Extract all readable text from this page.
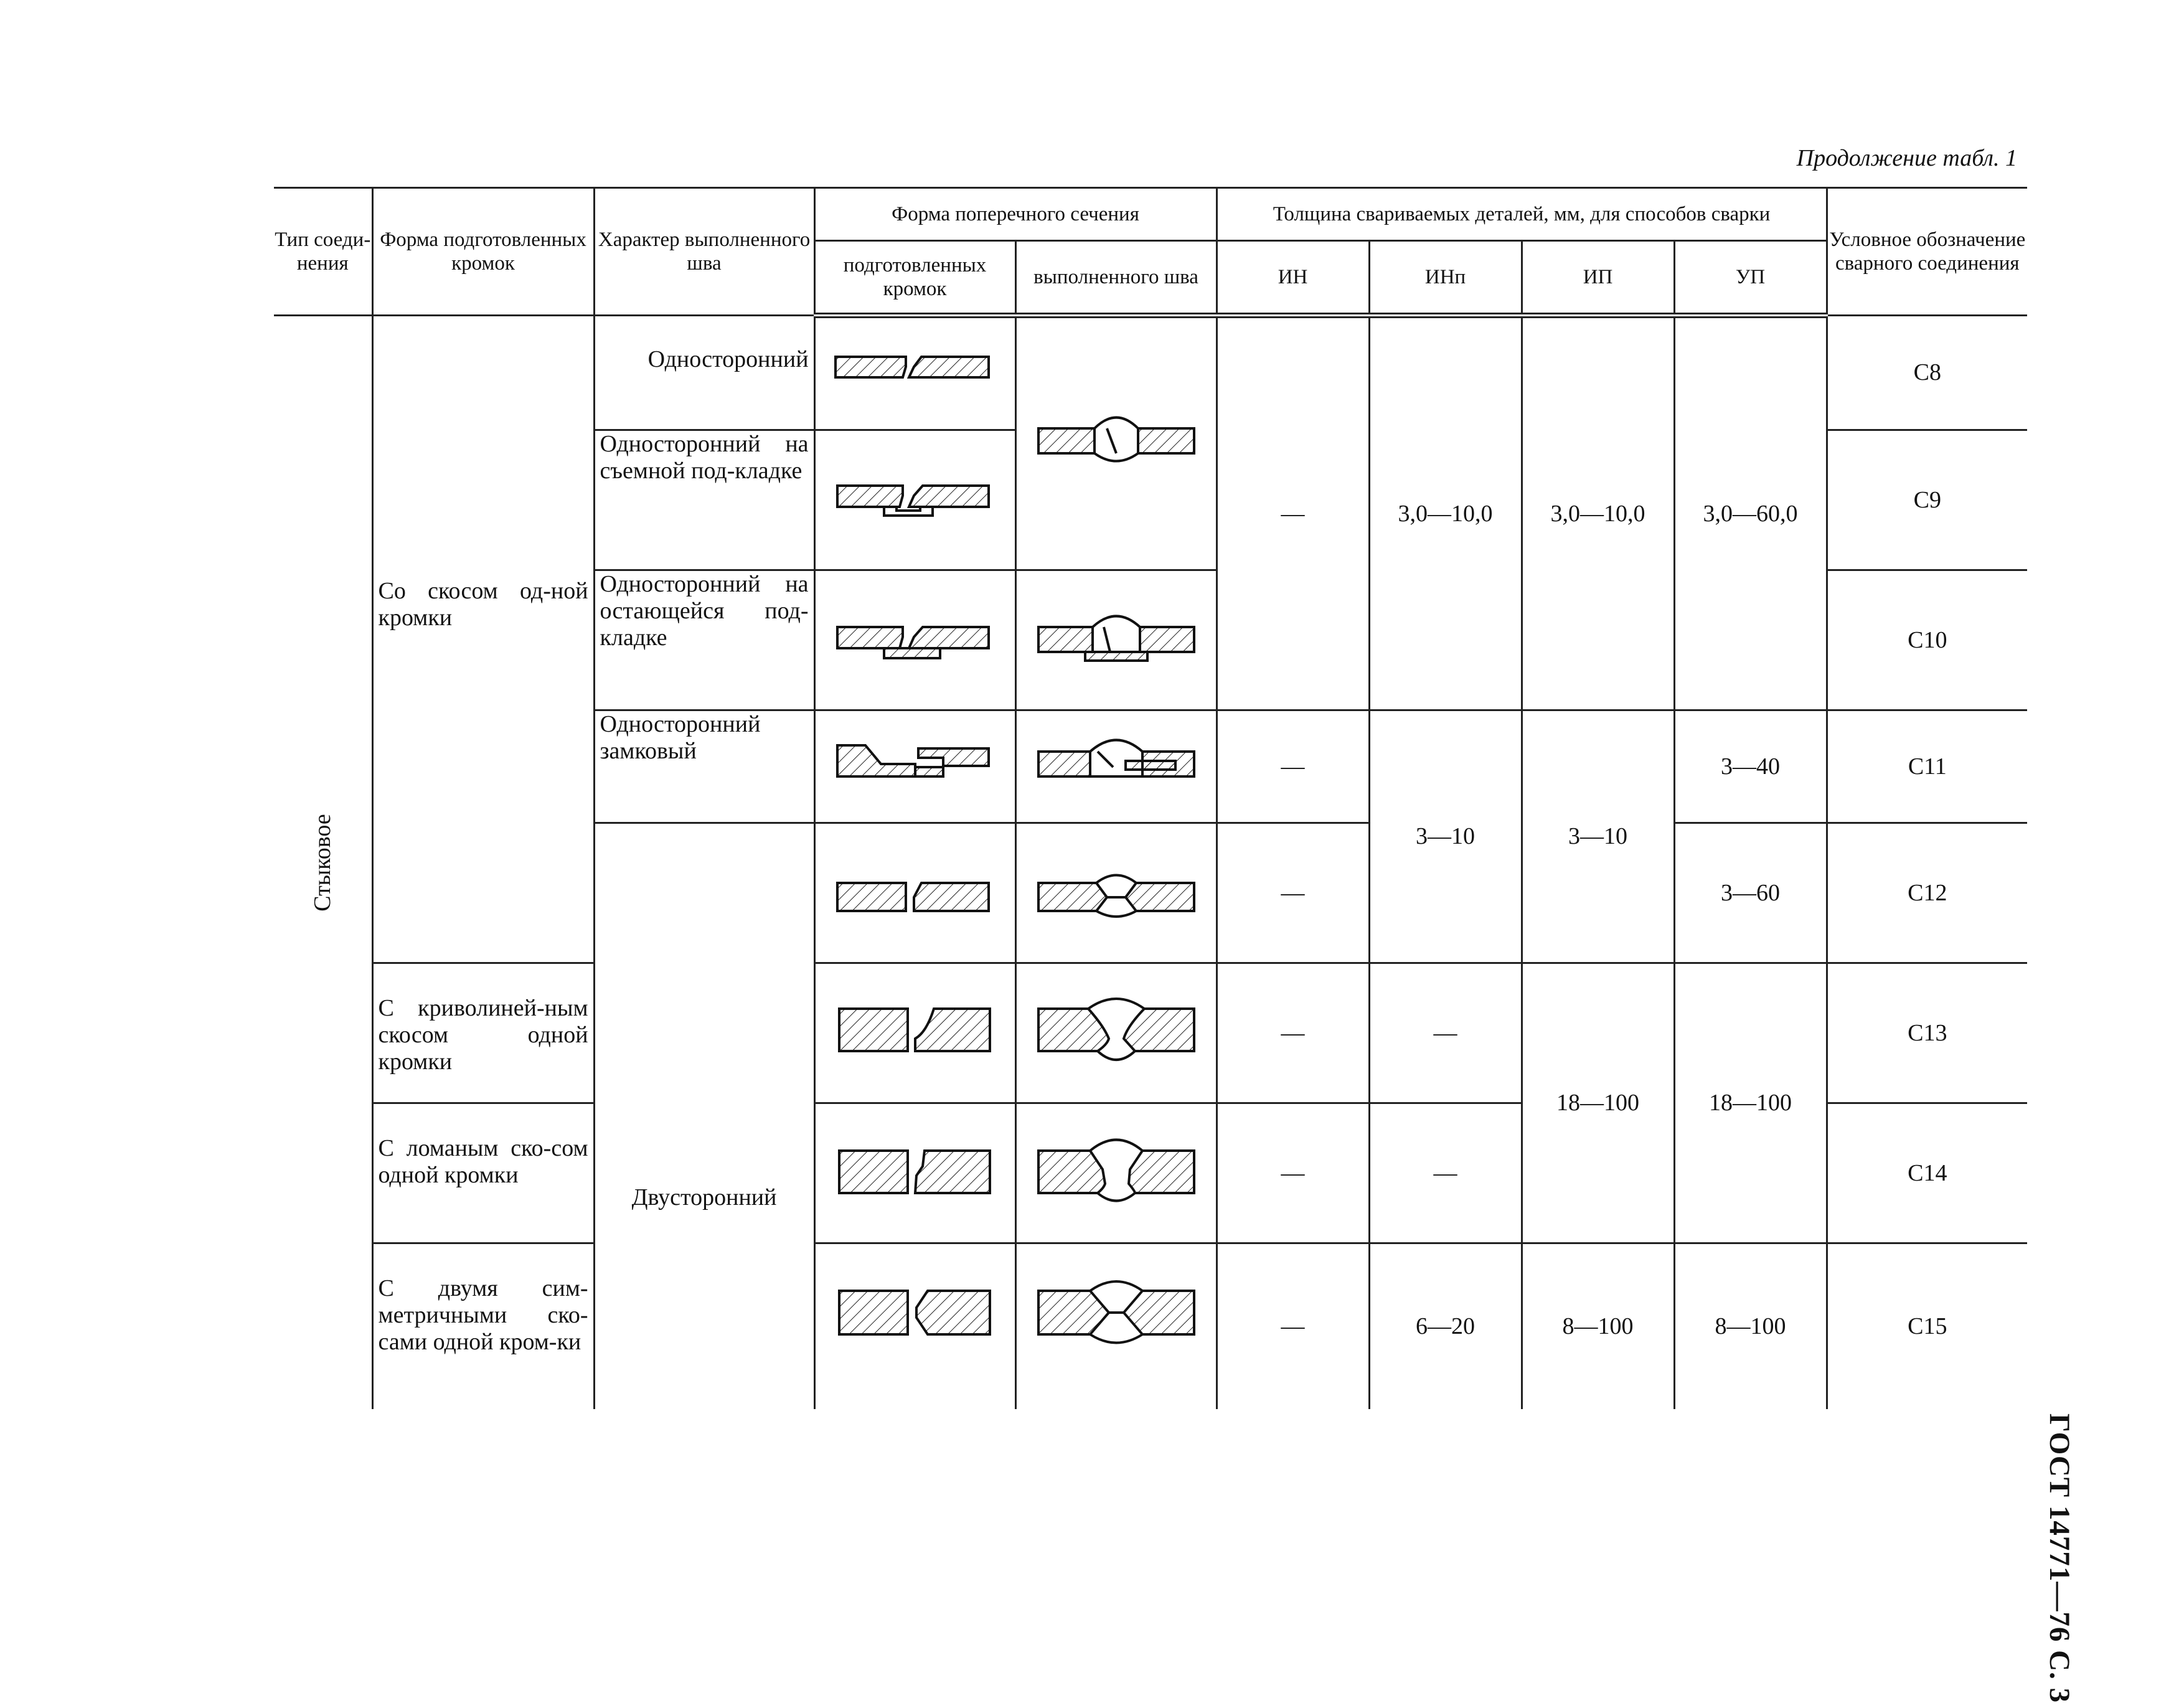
Продолжение табл. 1
ГОСТ 14771—76 С. 3
Тип соеди-нения	Форма подготовленных кромок	Характер выполненного шва	Форма поперечного сечения		Толщина свариваемых деталей, мм, для способов сварки				Условное обозначение сварного соединения
			подготовленных кромок	выполненного шва	ИН	ИНп	ИП	УП	
Стыковое	Со скосом од-ной кромки	Односторонний			—	3,0—10,0	3,0—10,0	3,0—60,0	С8

		Односторонний на съемной под-кладке							С9

		Односторонний на остающейся под-кладке							С10

		Односторонний замковый			—	3—10	3—10	3—40	С11
		Двусторонний			—			3—60	С12

	С криволиней-ным скосом одной кромки				—	—	18—100	18—100	С13

	С ломаным ско-сом одной кромки				—	—			С14

	С двумя сим-метричными ско-сами одной кром-ки				—	6—20	8—100	8—100	С15
